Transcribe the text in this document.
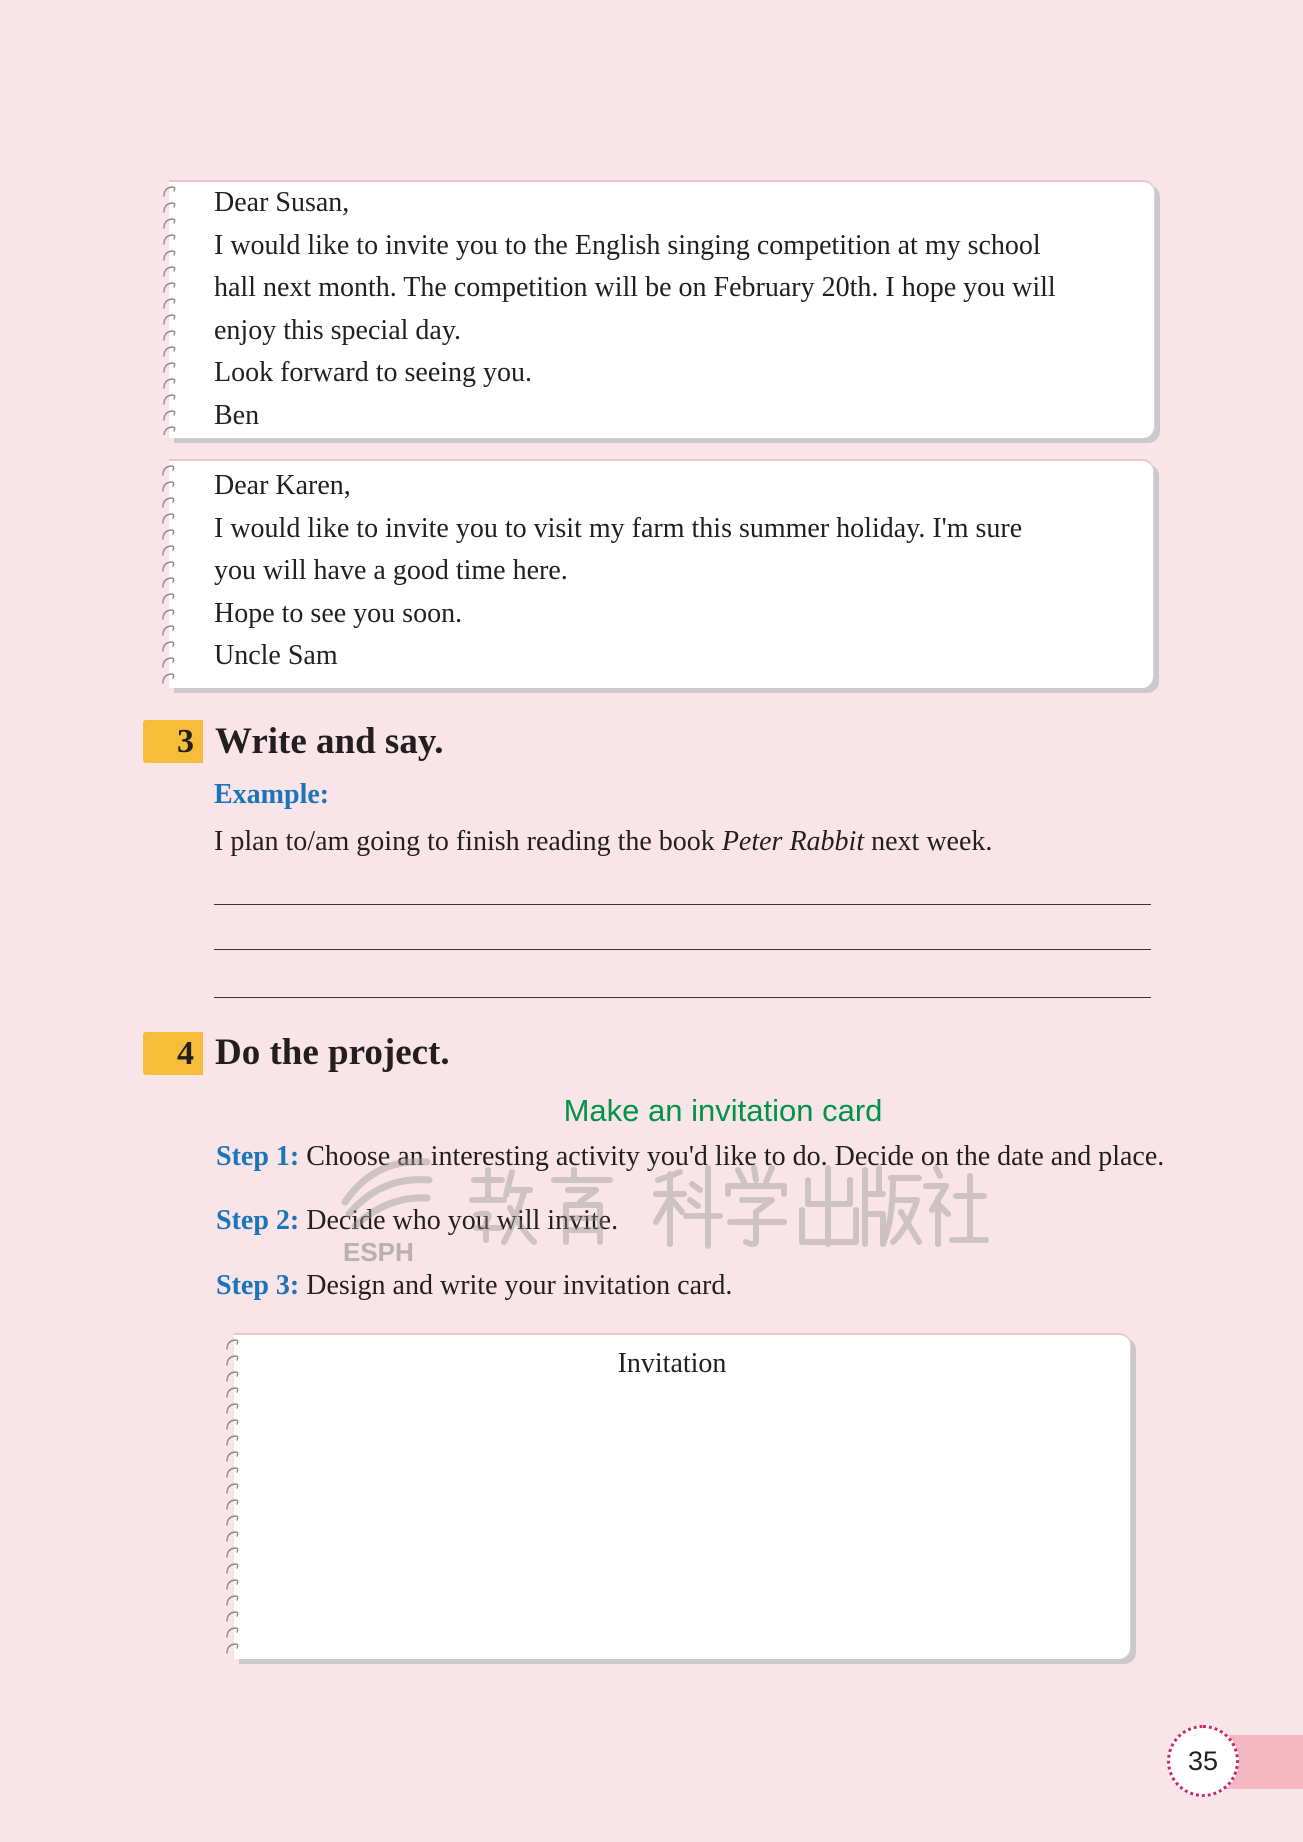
Dear Susan,
I would like to invite you to the English singing competition at my school
hall next month. The competition will be on February 20th. I hope you will
enjoy this special day.
Look forward to seeing you.
Ben
Dear Karen,
I would like to invite you to visit my farm this summer holiday. I'm sure
you will have a good time here.
Hope to see you soon.
Uncle Sam
3 Write and say.
Example:
I plan to/am going to finish reading the book Peter Rabbit next week.
4 Do the project.
Make an invitation card
Step 1: Choose an interesting activity you'd like to do. Decide on the date and place.
Step 2: Decide who you will invite.
Step 3: Design and write your invitation card.
Invitation
ESPH
35
